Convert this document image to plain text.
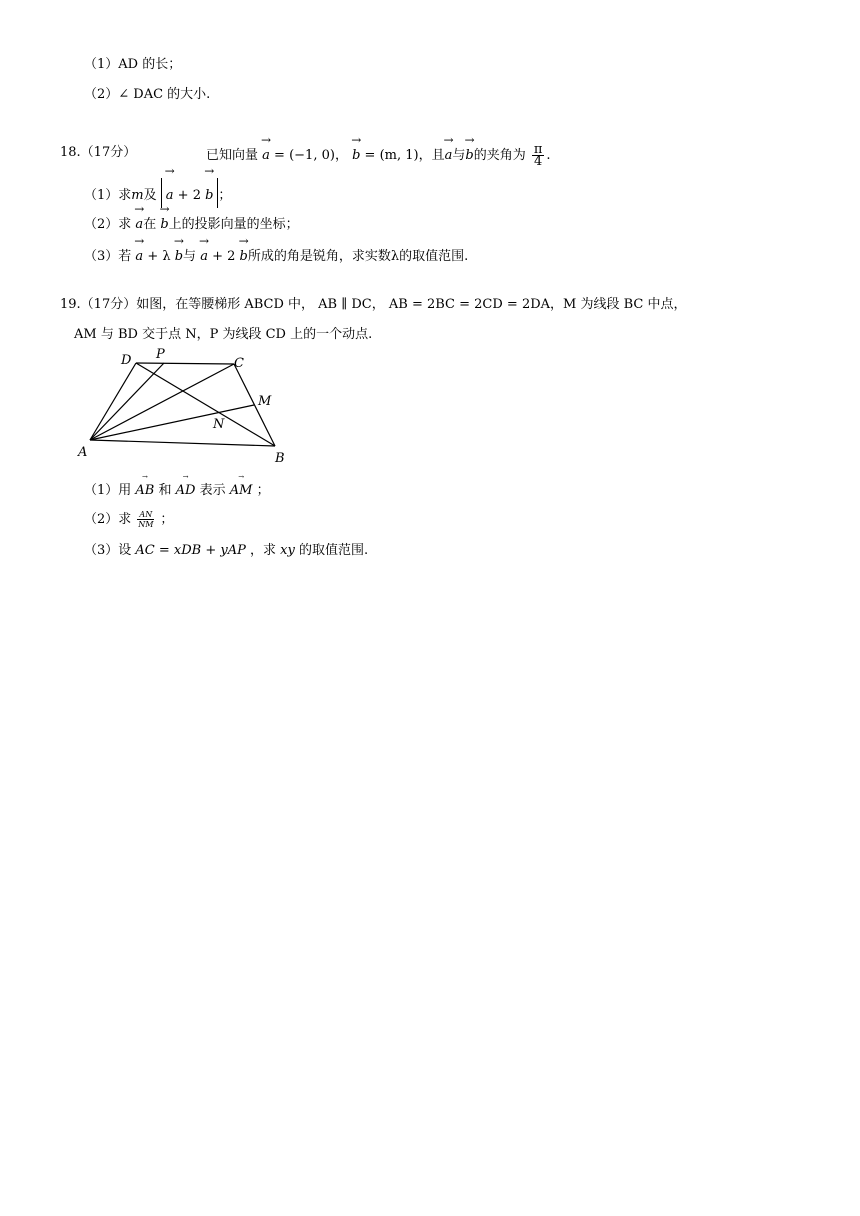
（1）AD 的长；
（2）∠ DAC 的大小.
18.（17分）	已知向量 → a = (−1, 0)， → b = (m, 1)，且→ a与→ b的夹角为 $\frac{\pi}{4}$ .
（1）求m及 → a + 2 → b ；
（2）求 → a在 → b上的投影向量的坐标；
（3）若 → a + λ → b与 → a + 2 → b所成的角是锐角，求实数λ的取值范围.
19.（17分）如图，在等腰梯形 ABCD 中， AB ∥ DC， AB = 2BC = 2CD = 2DA，M 为线段 BC 中点，
AM 与 BD 交于点 N，P 为线段 CD 上的一个动点.
D P
C
M
N
A	B
（1）用 → AB 和 → AD 表示 → AM ；
（2）求 $\frac{AN}{NM}$ ；
（3）设 AC = xDB + yAP ，求 xy 的取值范围.
